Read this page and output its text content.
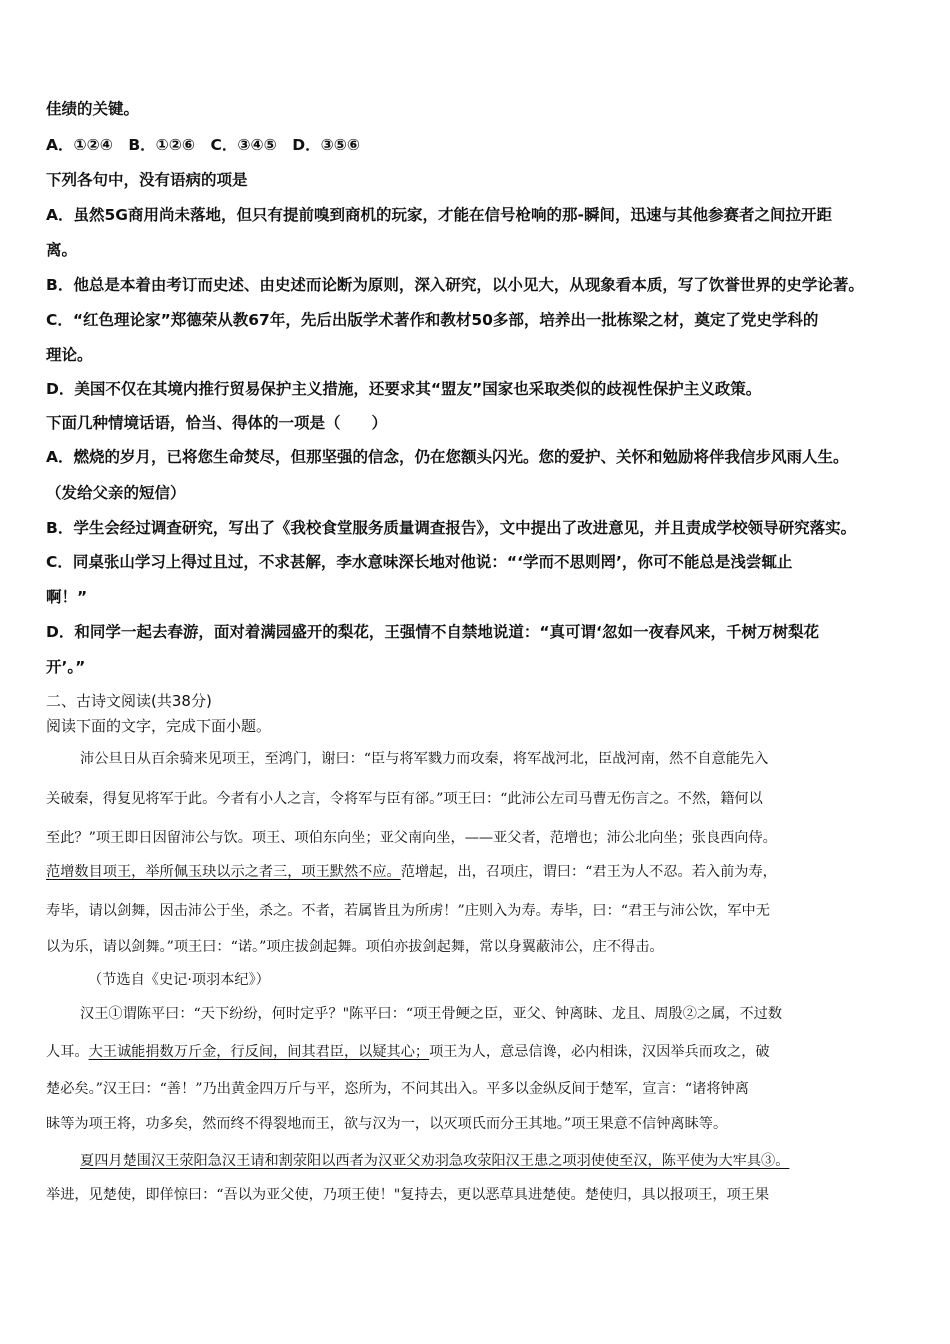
佳绩的关键。
A．①②④　B．①②⑥　C．③④⑤　D．③⑤⑥
下列各句中，没有语病的项是
A．虽然5G商用尚未落地，但只有提前嗅到商机的玩家，才能在信号枪响的那-瞬间，迅速与其他参赛者之间拉开距
离。
B．他总是本着由考订而史述、由史述而论断为原则，深入研究，以小见大，从现象看本质，写了饮誉世界的史学论著。
C．“红色理论家”郑德荣从教67年，先后出版学术著作和教材50多部，培养出一批栋梁之材，奠定了党史学科的
理论。
D．美国不仅在其境内推行贸易保护主义措施，还要求其“盟友”国家也采取类似的歧视性保护主义政策。
下面几种情境话语，恰当、得体的一项是（　　）
A．燃烧的岁月，已将您生命焚尽，但那坚强的信念，仍在您额头闪光。您的爱护、关怀和勉励将伴我信步风雨人生。
（发给父亲的短信）
B．学生会经过调查研究，写出了《我校食堂服务质量调查报告》，文中提出了改进意见，并且责成学校领导研究落实。
C．同桌张山学习上得过且过，不求甚解，李水意味深长地对他说：“‘学而不思则罔’，你可不能总是浅尝辄止
啊！”
D．和同学一起去春游，面对着满园盛开的梨花，王强情不自禁地说道：“真可谓‘忽如一夜春风来，千树万树梨花
开’。”
二、古诗文阅读(共38分)
阅读下面的文字，完成下面小题。
沛公旦日从百余骑来见项王，至鸿门，谢曰：“臣与将军戮力而攻秦，将军战河北，臣战河南，然不自意能先入
关破秦，得复见将军于此。今者有小人之言，令将军与臣有郤。”项王曰：“此沛公左司马曹无伤言之。不然，籍何以
至此？”项王即日因留沛公与饮。项王、项伯东向坐；亚父南向坐，——亚父者，范增也；沛公北向坐；张良西向侍。
范增数目项王，举所佩玉玦以示之者三，项王默然不应。范增起，出，召项庄，谓曰：“君王为人不忍。若入前为寿，
寿毕，请以剑舞，因击沛公于坐，杀之。不者，若属皆且为所虏！”庄则入为寿。寿毕，曰：“君王与沛公饮，军中无
以为乐，请以剑舞。”项王曰：“诺。”项庄拔剑起舞。项伯亦拔剑起舞，常以身翼蔽沛公，庄不得击。
（节选自《史记·项羽本纪》）
汉王①谓陈平曰：“天下纷纷，何时定乎？"陈平曰：“项王骨鲠之臣，亚父、钟离眛、龙且、周殷②之属，不过数
人耳。大王诚能捐数万斤金，行反间，间其君臣，以疑其心；项王为人，意忌信谗，必内相诛，汉因举兵而攻之，破
楚必矣。”汉王曰：“善！”乃出黄金四万斤与平，恣所为，不问其出入。平多以金纵反间于楚军，宣言：“诸将钟离
眛等为项王将，功多矣，然而终不得裂地而王，欲与汉为一，以灭项氏而分王其地。”项王果意不信钟离眛等。
夏四月楚围汉王荥阳急汉王请和割荥阳以西者为汉亚父劝羽急攻荥阳汉王患之项羽使使至汉，陈平使为大牢具③。
举进，见楚使，即佯惊曰：“吾以为亚父使，乃项王使！"复持去，更以恶草具进楚使。楚使归，具以报项王，项王果
